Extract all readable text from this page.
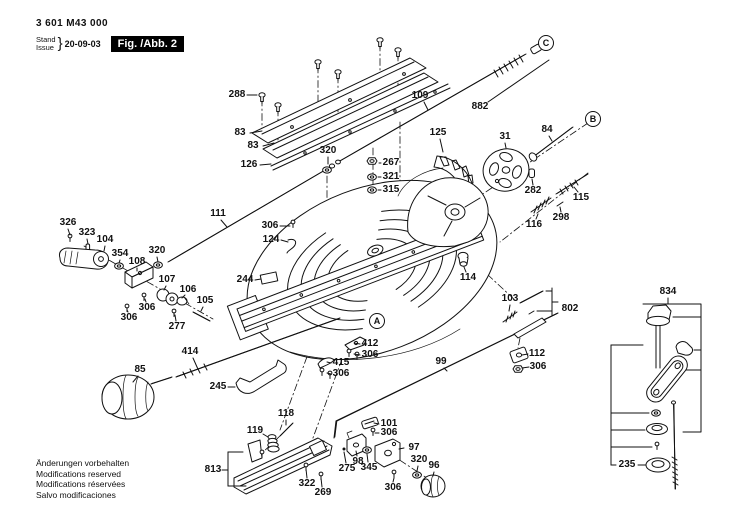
3 601 M43 000
Stand
Issue } 20-09-03	Fig. /Abb. 2
Änderungen vorbehalten
Modifications reserved
Modifications réservées
Salvo modificaciones
288
83
83
126
320
109
882
125
267
321
315
111
306
124
244
326
323
104
354
108
320
107
106
105
306
306
277
85
414
245
114
103
802
99
112
306
412
306
415
306
118
119
813
322
269
101
306
97
98
275 345
320
96
306
31
84
282
115
298
116
834
235
A
B
C
